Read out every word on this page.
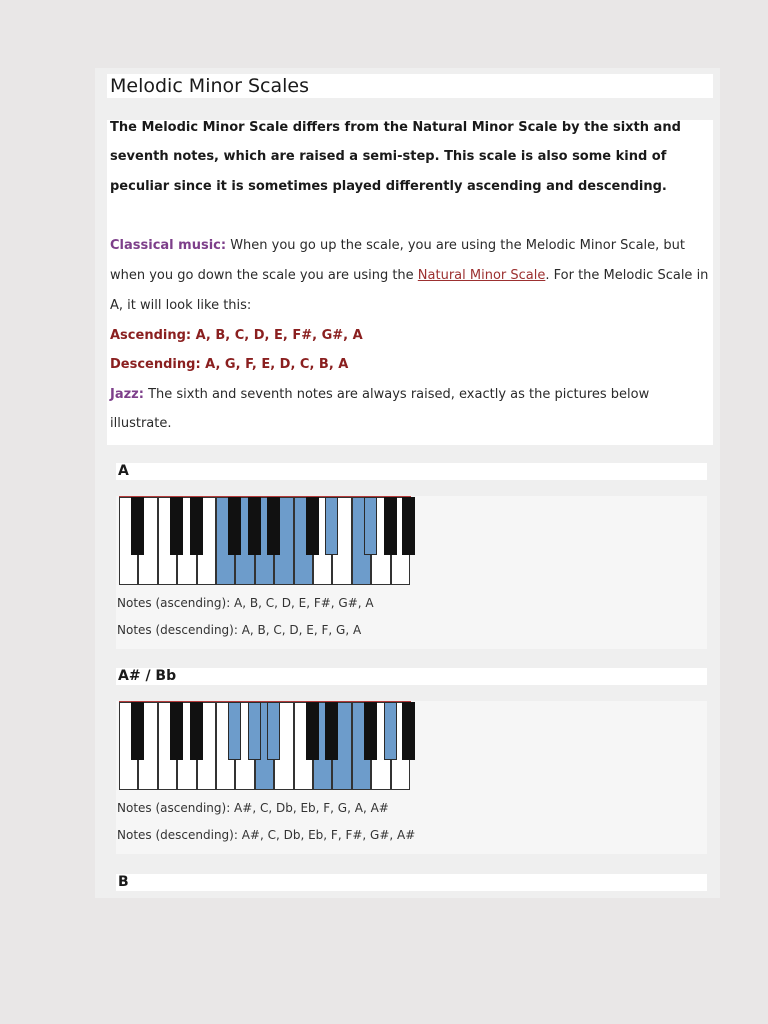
Melodic Minor Scales
The Melodic Minor Scale differs from the Natural Minor Scale by the sixth and
seventh notes, which are raised a semi-step. This scale is also some kind of
peculiar since it is sometimes played differently ascending and descending.
Classical music: When you go up the scale, you are using the Melodic Minor Scale, but
when you go down the scale you are using the Natural Minor Scale. For the Melodic Scale in
A, it will look like this:
Ascending: A, B, C, D, E, F#, G#, A
Descending: A, G, F, E, D, C, B, A
Jazz: The sixth and seventh notes are always raised, exactly as the pictures below
illustrate.
A
Notes (ascending): A, B, C, D, E, F#, G#, A
Notes (descending): A, B, C, D, E, F, G, A
A# / Bb
Notes (ascending): A#, C, Db, Eb, F, G, A, A#
Notes (descending): A#, C, Db, Eb, F, F#, G#, A#
B
